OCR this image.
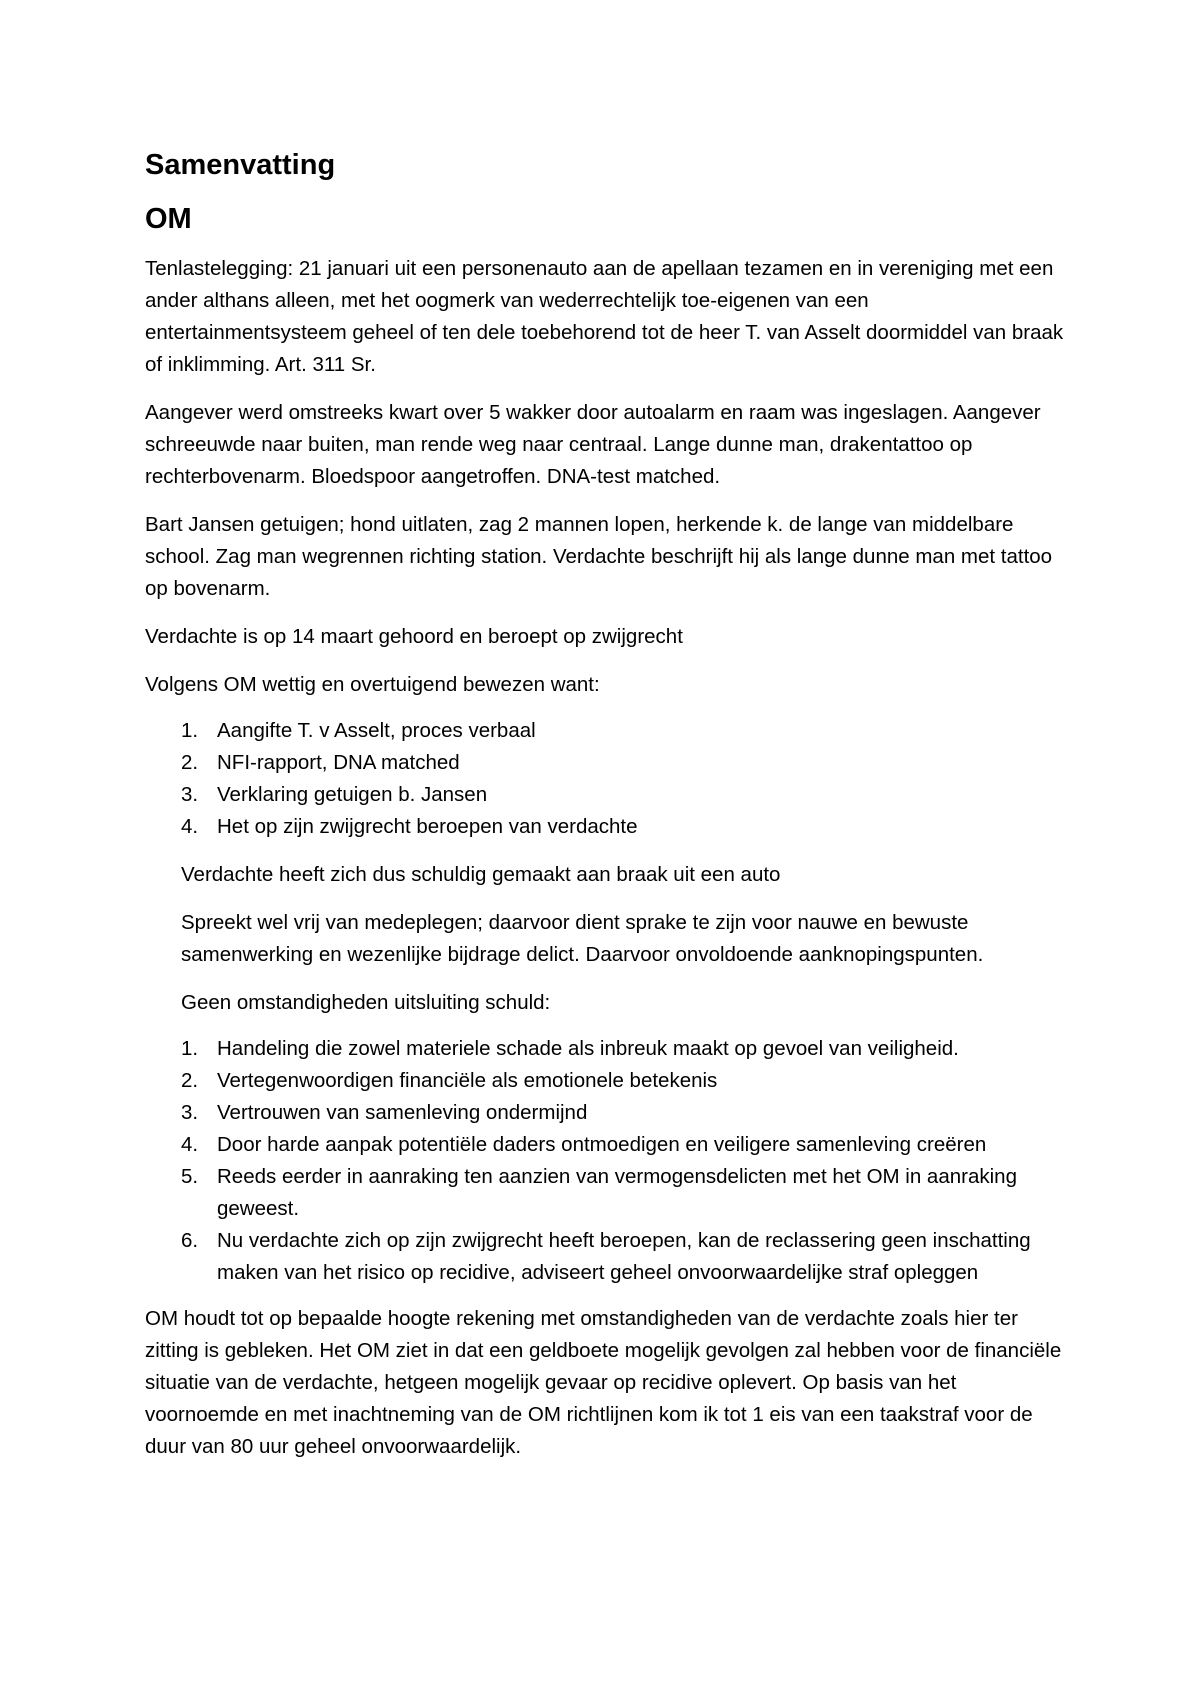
Samenvatting
OM

Tenlastelegging: 21 januari uit een personenauto aan de apellaan tezamen en in vereniging met een ander althans alleen, met het oogmerk van wederrechtelijk toe-eigenen van een entertainmentsysteem geheel of ten dele toebehorend tot de heer T. van Asselt doormiddel van braak of inklimming. Art. 311 Sr.

Aangever werd omstreeks kwart over 5 wakker door autoalarm en raam was ingeslagen. Aangever schreeuwde naar buiten, man rende weg naar centraal. Lange dunne man, drakentattoo op rechterbovenarm. Bloedspoor aangetroffen. DNA-test matched.

Bart Jansen getuigen; hond uitlaten, zag 2 mannen lopen, herkende k. de lange van middelbare school. Zag man wegrennen richting station. Verdachte beschrijft hij als lange dunne man met tattoo op bovenarm.

Verdachte is op 14 maart gehoord en beroept op zwijgrecht

Volgens OM wettig en overtuigend bewezen want:

1. Aangifte T. v Asselt, proces verbaal
2. NFI-rapport, DNA matched
3. Verklaring getuigen b. Jansen
4. Het op zijn zwijgrecht beroepen van verdachte

Verdachte heeft zich dus schuldig gemaakt aan braak uit een auto

Spreekt wel vrij van medeplegen; daarvoor dient sprake te zijn voor nauwe en bewuste samenwerking en wezenlijke bijdrage delict. Daarvoor onvoldoende aanknopingspunten.

Geen omstandigheden uitsluiting schuld:

1. Handeling die zowel materiele schade als inbreuk maakt op gevoel van veiligheid.
2. Vertegenwoordigen financiële als emotionele betekenis
3. Vertrouwen van samenleving ondermijnd
4. Door harde aanpak potentiële daders ontmoedigen en veiligere samenleving creëren
5. Reeds eerder in aanraking ten aanzien van vermogensdelicten met het OM in aanraking geweest.
6. Nu verdachte zich op zijn zwijgrecht heeft beroepen, kan de reclassering geen inschatting maken van het risico op recidive, adviseert geheel onvoorwaardelijke straf opleggen

OM houdt tot op bepaalde hoogte rekening met omstandigheden van de verdachte zoals hier ter zitting is gebleken. Het OM ziet in dat een geldboete mogelijk gevolgen zal hebben voor de financiële situatie van de verdachte, hetgeen mogelijk gevaar op recidive oplevert. Op basis van het voornoemde en met inachtneming van de OM richtlijnen kom ik tot 1 eis van een taakstraf voor de duur van 80 uur geheel onvoorwaardelijk.
